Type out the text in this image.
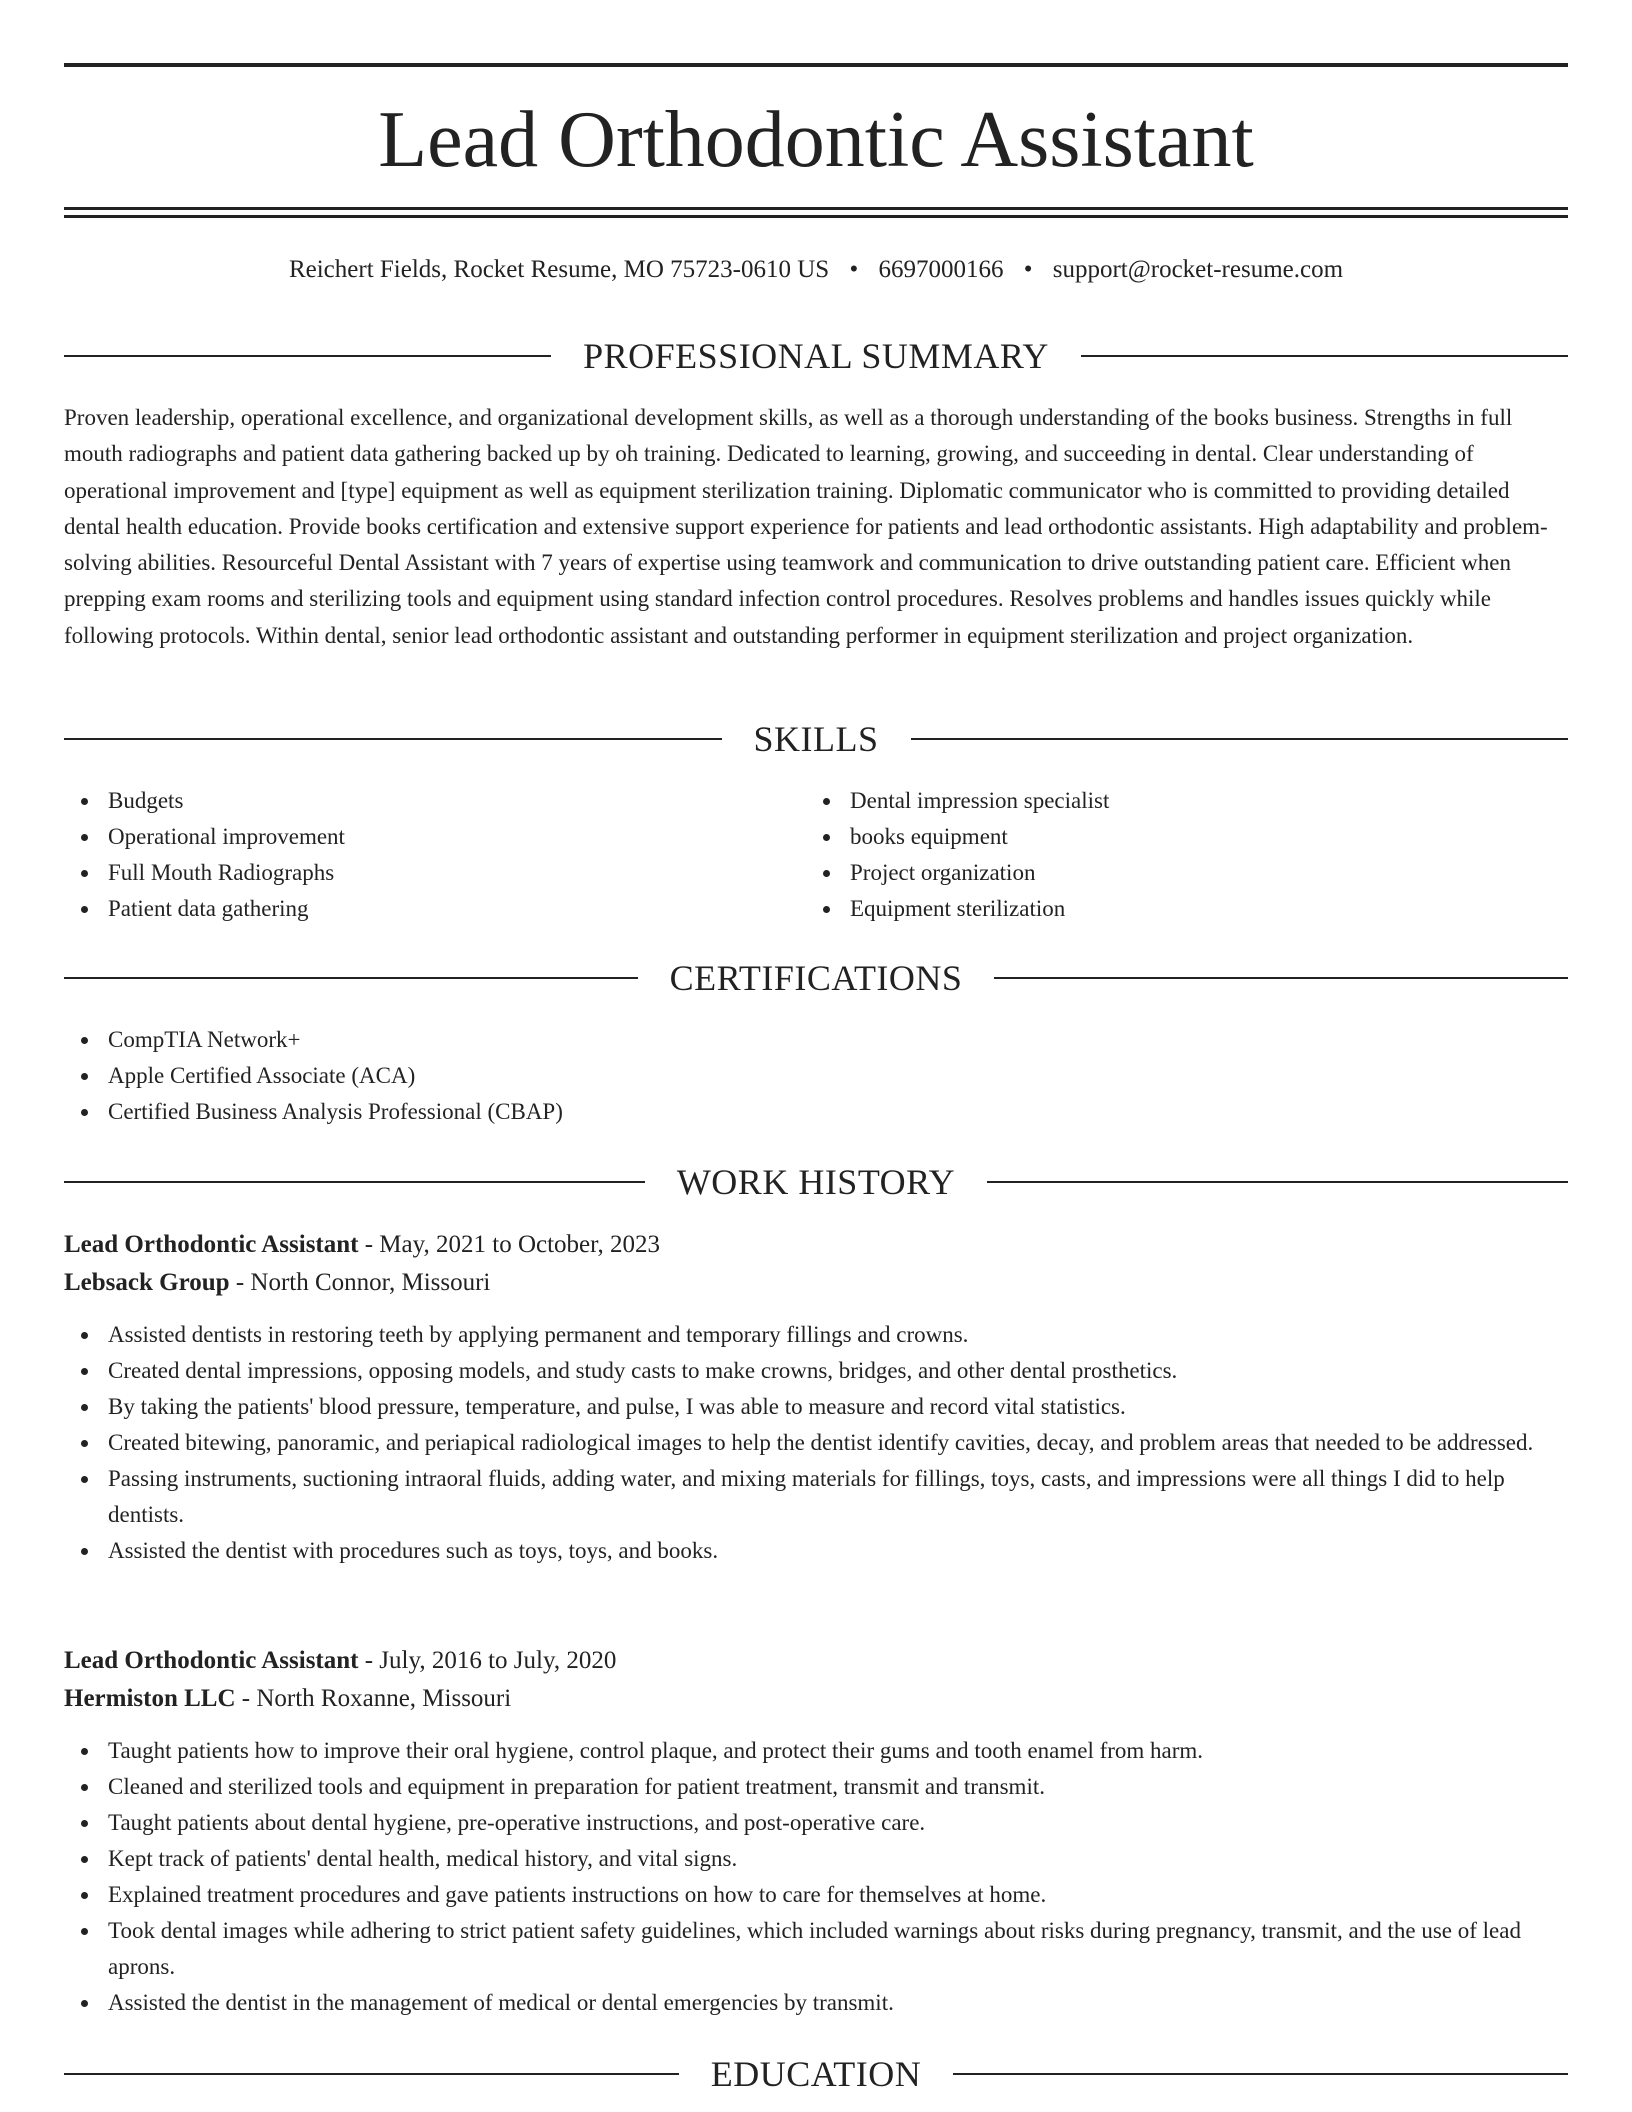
Lead Orthodontic Assistant
Reichert Fields, Rocket Resume, MO 75723-0610 US • 6697000166 • support@rocket-resume.com
PROFESSIONAL SUMMARY

Proven leadership, operational excellence, and organizational development skills, as well as a thorough understanding of the books business. Strengths in full mouth radiographs and patient data gathering backed up by oh training. Dedicated to learning, growing, and succeeding in dental. Clear understanding of operational improvement and [type] equipment as well as equipment sterilization training. Diplomatic communicator who is committed to providing detailed dental health education. Provide books certification and extensive support experience for patients and lead orthodontic assistants. High adaptability and problem-solving abilities. Resourceful Dental Assistant with 7 years of expertise using teamwork and communication to drive outstanding patient care. Efficient when prepping exam rooms and sterilizing tools and equipment using standard infection control procedures. Resolves problems and handles issues quickly while following protocols. Within dental, senior lead orthodontic assistant and outstanding performer in equipment sterilization and project organization.

SKILLS
Budgets
Operational improvement
Full Mouth Radiographs
Patient data gathering
Dental impression specialist
books equipment
Project organization
Equipment sterilization
CERTIFICATIONS
CompTIA Network+
Apple Certified Associate (ACA)
Certified Business Analysis Professional (CBAP)
WORK HISTORY
Lead Orthodontic Assistant - May, 2021 to October, 2023
Lebsack Group - North Connor, Missouri
Assisted dentists in restoring teeth by applying permanent and temporary fillings and crowns.
Created dental impressions, opposing models, and study casts to make crowns, bridges, and other dental prosthetics.
By taking the patients' blood pressure, temperature, and pulse, I was able to measure and record vital statistics.
Created bitewing, panoramic, and periapical radiological images to help the dentist identify cavities, decay, and problem areas that needed to be addressed.
Passing instruments, suctioning intraoral fluids, adding water, and mixing materials for fillings, toys, casts, and impressions were all things I did to help dentists.
Assisted the dentist with procedures such as toys, toys, and books.
Lead Orthodontic Assistant - July, 2016 to July, 2020
Hermiston LLC - North Roxanne, Missouri
Taught patients how to improve their oral hygiene, control plaque, and protect their gums and tooth enamel from harm.
Cleaned and sterilized tools and equipment in preparation for patient treatment, transmit and transmit.
Taught patients about dental hygiene, pre-operative instructions, and post-operative care.
Kept track of patients' dental health, medical history, and vital signs.
Explained treatment procedures and gave patients instructions on how to care for themselves at home.
Took dental images while adhering to strict patient safety guidelines, which included warnings about risks during pregnancy, transmit, and the use of lead aprons.
Assisted the dentist in the management of medical or dental emergencies by transmit.
EDUCATION
